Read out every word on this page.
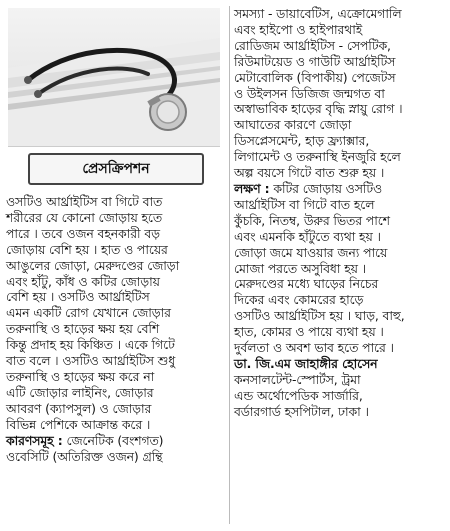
প্রেসক্রিপশন

ওসটিও আর্থ্রাইটিস বা গিটে বাত

শরীরের যে কোনো জোড়ায় হতে

পারে । তবে ওজন বহনকারী বড়

জোড়ায় বেশি হয় । হাত ও পায়ের

আঙুলের জোড়া, মেরুদণ্ডের জোড়া

এবং হাঁটু, কাঁধ ও কটির জোড়ায়

বেশি হয় । ওসটিও আর্থ্রাইটিস

এমন একটি রোগ যেখানে জোড়ার

তরুনাস্থি ও হাড়ের ক্ষয় হয় বেশি

কিন্তু প্রদাহ হয় কিঞ্চিত । একে গিটে

বাত বলে । ওসটিও আর্থ্রাইটিস শুধু

তরুনাস্থি ও হাড়ের ক্ষয় করে না

এটি জোড়ার লাইনিং, জোড়ার

আবরণ (ক্যাপসুল) ও জোড়ার

বিভিন্ন পেশিকে আক্রান্ত করে ।

কারণসমূহ : জেনেটিক (বংশগত)

ওবেসিটি (অতিরিক্ত ওজন) গ্রন্থি

সমস্যা - ডায়াবেটিস, এক্রোমেগালি

এবং হাইপো ও হাইপারথাই

রোডিজম আর্থ্রাইটিস - সেপটিক,

রিউমাটয়েড ও গাউটি আর্থ্রাইটিস

মেটাবোলিক (বিপাকীয়) পেজেটস

ও উইলসন ডিজিজ জন্মগত বা

অস্বাভাবিক হাড়ের বৃদ্ধি স্নায়ু রোগ ।

আঘাতের কারণে জোড়া

ডিসপ্লেসমেন্ট, হাড় ফ্র্যাক্সার,

লিগামেন্ট ও তরুনাস্থি ইনজুরি হলে

অল্প বয়সে গিটে বাত শুরু হয় ।

লক্ষণ : কটির জোড়ায় ওসটিও

আর্থ্রাইটিস বা গিটে বাত হলে

কুঁচকি, নিতম্ব, উরুর ভিতর পাশে

এবং এমনকি হাঁটুতে ব্যথা হয় ।

জোড়া জমে যাওয়ার জন্য পায়ে

মোজা পরতে অসুবিধা হয় ।

মেরুদণ্ডের মধ্যে ঘাড়ের নিচের

দিকের এবং কোমরের হাড়ে

ওসটিও আর্থ্রাইটিস হয় । ঘাড়, বাহু,

হাত, কোমর ও পায়ে ব্যথা হয় ।

দুর্বলতা ও অবশ ভাব হতে পারে ।

ডা. জি.এম জাহাঙ্গীর হোসেন

কনসালটেন্ট-স্পোর্টস, ট্রমা

এন্ড অর্থোপেডিক সার্জারি,

বর্ডারগার্ড হসপিটাল, ঢাকা ।
